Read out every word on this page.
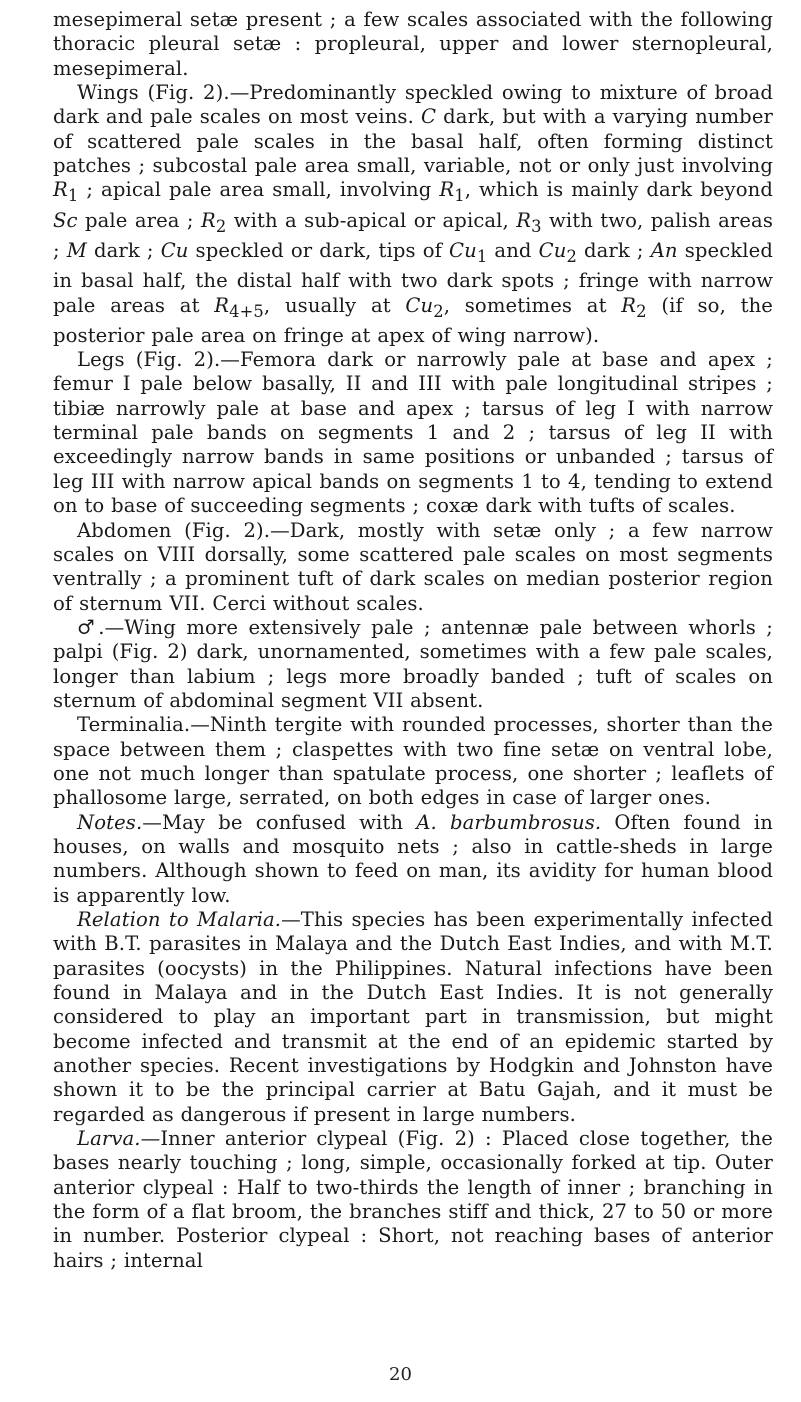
mesepimeral setæ present ; a few scales associated with the following thoracic pleural setæ : propleural, upper and lower sternopleural, mesepimeral.

Wings (Fig. 2).—Predominantly speckled owing to mixture of broad dark and pale scales on most veins. C dark, but with a varying number of scattered pale scales in the basal half, often forming distinct patches ; subcostal pale area small, variable, not or only just involving $R_1$ ; apical pale area small, involving $R_1$, which is mainly dark beyond Sc pale area ; $R_2$ with a sub-apical or apical, $R_3$ with two, palish areas ; M dark ; Cu speckled or dark, tips of $Cu_1$ and $Cu_2$ dark ; An speckled in basal half, the distal half with two dark spots ; fringe with narrow pale areas at $R_{4+5}$, usually at $Cu_2$, sometimes at $R_2$ (if so, the posterior pale area on fringe at apex of wing narrow).

Legs (Fig. 2).—Femora dark or narrowly pale at base and apex ; femur I pale below basally, II and III with pale longitudinal stripes ; tibiæ narrowly pale at base and apex ; tarsus of leg I with narrow terminal pale bands on segments 1 and 2 ; tarsus of leg II with exceedingly narrow bands in same positions or unbanded ; tarsus of leg III with narrow apical bands on segments 1 to 4, tending to extend on to base of succeeding segments ; coxæ dark with tufts of scales.

Abdomen (Fig. 2).—Dark, mostly with setæ only ; a few narrow scales on VIII dorsally, some scattered pale scales on most segments ventrally ; a prominent tuft of dark scales on median posterior region of sternum VII. Cerci without scales.

♂.—Wing more extensively pale ; antennæ pale between whorls ; palpi (Fig. 2) dark, unornamented, sometimes with a few pale scales, longer than labium ; legs more broadly banded ; tuft of scales on sternum of abdominal segment VII absent.

Terminalia.—Ninth tergite with rounded processes, shorter than the space between them ; claspettes with two fine setæ on ventral lobe, one not much longer than spatulate process, one shorter ; leaflets of phallosome large, serrated, on both edges in case of larger ones.

Notes.—May be confused with A. barbumbrosus. Often found in houses, on walls and mosquito nets ; also in cattle-sheds in large numbers. Although shown to feed on man, its avidity for human blood is apparently low.

Relation to Malaria.—This species has been experimentally infected with B.T. parasites in Malaya and the Dutch East Indies, and with M.T. parasites (oocysts) in the Philippines. Natural infections have been found in Malaya and in the Dutch East Indies. It is not generally considered to play an important part in transmission, but might become infected and transmit at the end of an epidemic started by another species. Recent investigations by Hodgkin and Johnston have shown it to be the principal carrier at Batu Gajah, and it must be regarded as dangerous if present in large numbers.

Larva.—Inner anterior clypeal (Fig. 2) : Placed close together, the bases nearly touching ; long, simple, occasionally forked at tip. Outer anterior clypeal : Half to two-thirds the length of inner ; branching in the form of a flat broom, the branches stiff and thick, 27 to 50 or more in number. Posterior clypeal : Short, not reaching bases of anterior hairs ; internal

20
